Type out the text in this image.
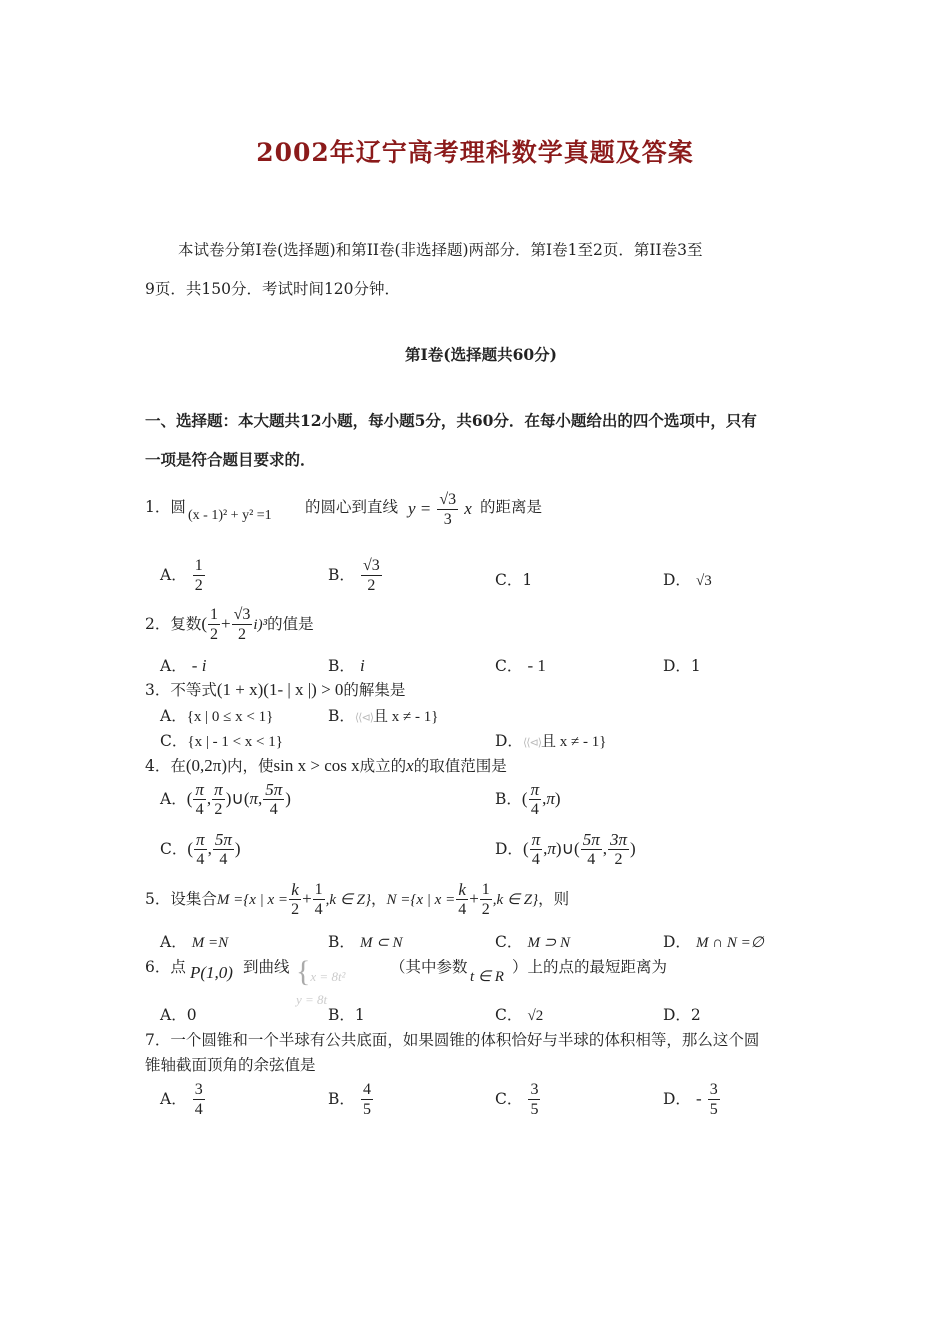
2002年辽宁高考理科数学真题及答案
本试卷分第Ⅰ卷(选择题)和第II卷(非选择题)两部分．第Ⅰ卷1至2页．第II卷3至
9页．共150分．考试时间120分钟．
第Ⅰ卷(选择题共60分)
一、选择题：本大题共12小题，每小题5分，共60分．在每小题给出的四个选项中，只有
一项是符合题目要求的．
1．圆 (x - 1)² + y² =1 的圆心到直线 $y = \frac{√3}{3}$ x 的距离是
A． $\frac{1}{2}$	B． $\frac{√3}{2}$	C．1	D． √3
2．复数( $\frac{1}{2} + \frac{√3}{2} i)^3$的值是
A． - i	B． i	C． - 1	D．1
3．不等式(1 + x)(1- | x |) > 0的解集是
A．{x | 0 ≤ x < 1}	B．⟨⟨⊲⟩且 x ≠ - 1}
C．{x | - 1 < x < 1}	D．⟨⟨⊲⟩且 x ≠ - 1}
4．在(0,2π)内，使sin x > cos x成立的x的取值范围是
A．( $\frac{\pi}{4}$ , $\frac{\pi}{2}$ )∪(π, $\frac{5\pi}{4}$ )	B．( $\frac{\pi}{4} ,\pi$)
C．( $\frac{\pi}{4}$ , $\frac{5\pi}{4}$ )	D．( $\frac{\pi}{4}$ ,π)∪( $\frac{5\pi}{4}$ , $\frac{3\pi}{2}$ )
5．设集合M ={x | $x = \frac{k}{2} + \frac{1}{4} ,k$ ∈ Z}，N ={x | $x = \frac{k}{4} + \frac{1}{2} ,k$ ∈ Z}，则
A． M =N	B． M ⊂ N	C． M ⊃ N	D． M ∩ N =∅
6．点 P(1,0) 到曲线 {x = 8t²
y = 8t
（其中参数
t ∈ R
）上的点的最短距离为
A．0	B．1	C． √2	D．2
7．一个圆锥和一个半球有公共底面，如果圆锥的体积恰好与半球的体积相等，那么这个圆
锥轴截面顶角的余弦值是
A． $\frac{3}{4}$	B． $\frac{4}{5}$	C． $\frac{3}{5}$	D． - $\frac{3}{5}$
